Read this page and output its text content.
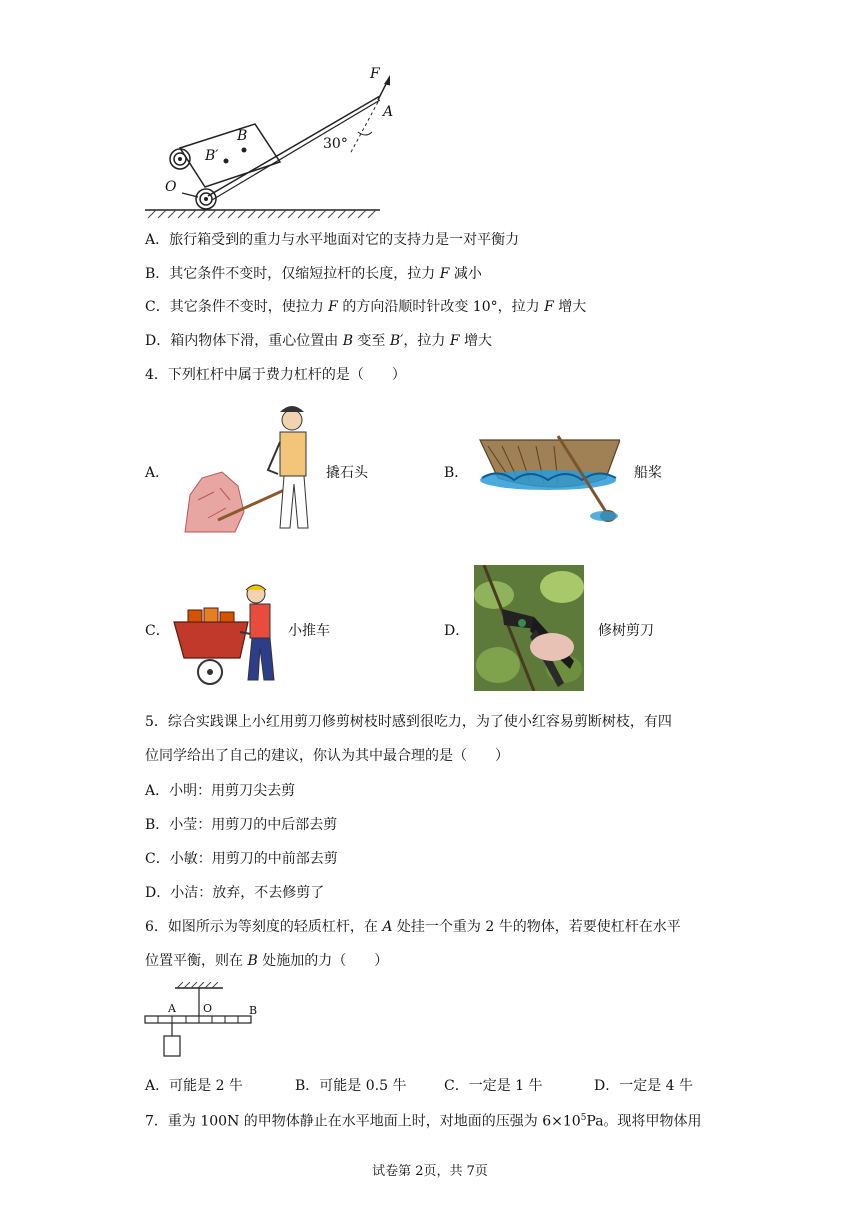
F
A
B
B′
O
30°
A．旅行箱受到的重力与水平地面对它的支持力是一对平衡力
B．其它条件不变时，仅缩短拉杆的长度，拉力 F 减小
C．其它条件不变时，使拉力 F 的方向沿顺时针改变 10°，拉力 F 增大
D．箱内物体下滑，重心位置由 B 变至 B′，拉力 F 增大
4．下列杠杆中属于费力杠杆的是（　　）
A．	撬石头	B．	船桨
C．	小推车	D．	修树剪刀
5．综合实践课上小红用剪刀修剪树枝时感到很吃力，为了使小红容易剪断树枝，有四
位同学给出了自己的建议，你认为其中最合理的是（　　）
A．小明：用剪刀尖去剪
B．小莹：用剪刀的中后部去剪
C．小敏：用剪刀的中前部去剪
D．小洁：放弃，不去修剪了
6．如图所示为等刻度的轻质杠杆，在 A 处挂一个重为 2 牛的物体，若要使杠杆在水平
位置平衡，则在 B 处施加的力（　　）
A O	B
A．可能是 2 牛	B．可能是 0.5 牛	C．一定是 1 牛	D．一定是 4 牛
7．重为 100N 的甲物体静止在水平地面上时，对地面的压强为 $6\times 10^5Pa$。现将甲物体用
试卷第 2页，共 7页
